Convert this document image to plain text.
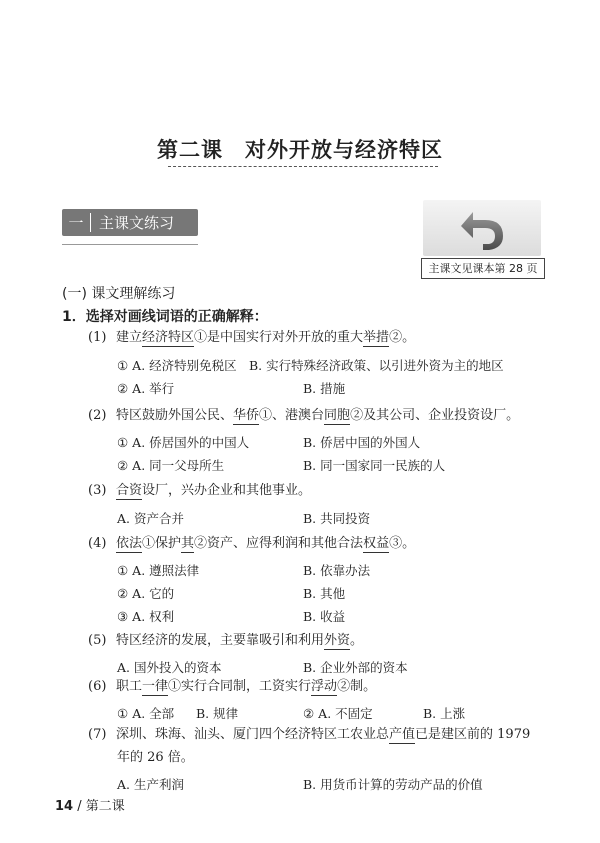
第二课 对外开放与经济特区
一	主课文练习
主课文见课本第 28 页
(一) 课文理解练习
1．选择对画线词语的正确解释：
(1) 建立经济特区①是中国实行对外开放的重大举措②。
① A. 经济特别免税区 B. 实行特殊经济政策、以引进外资为主的地区
② A. 举行	B. 措施
(2) 特区鼓励外国公民、华侨①、港澳台同胞②及其公司、企业投资设厂。
① A. 侨居国外的中国人	B. 侨居中国的外国人
② A. 同一父母所生	B. 同一国家同一民族的人
(3) 合资设厂，兴办企业和其他事业。
A. 资产合并	B. 共同投资
(4) 依法①保护其②资产、应得利润和其他合法权益③。
① A. 遵照法律	B. 依靠办法
② A. 它的	B. 其他
③ A. 权利	B. 收益
(5) 特区经济的发展，主要靠吸引和利用外资。
A. 国外投入的资本	B. 企业外部的资本
(6) 职工一律①实行合同制，工资实行浮动②制。
① A. 全部 B. 规律	② A. 不固定	B. 上涨
(7) 深圳、珠海、汕头、厦门四个经济特区工农业总产值已是建区前的 1979
年的 26 倍。
A. 生产利润	B. 用货币计算的劳动产品的价值
14 / 第二课
